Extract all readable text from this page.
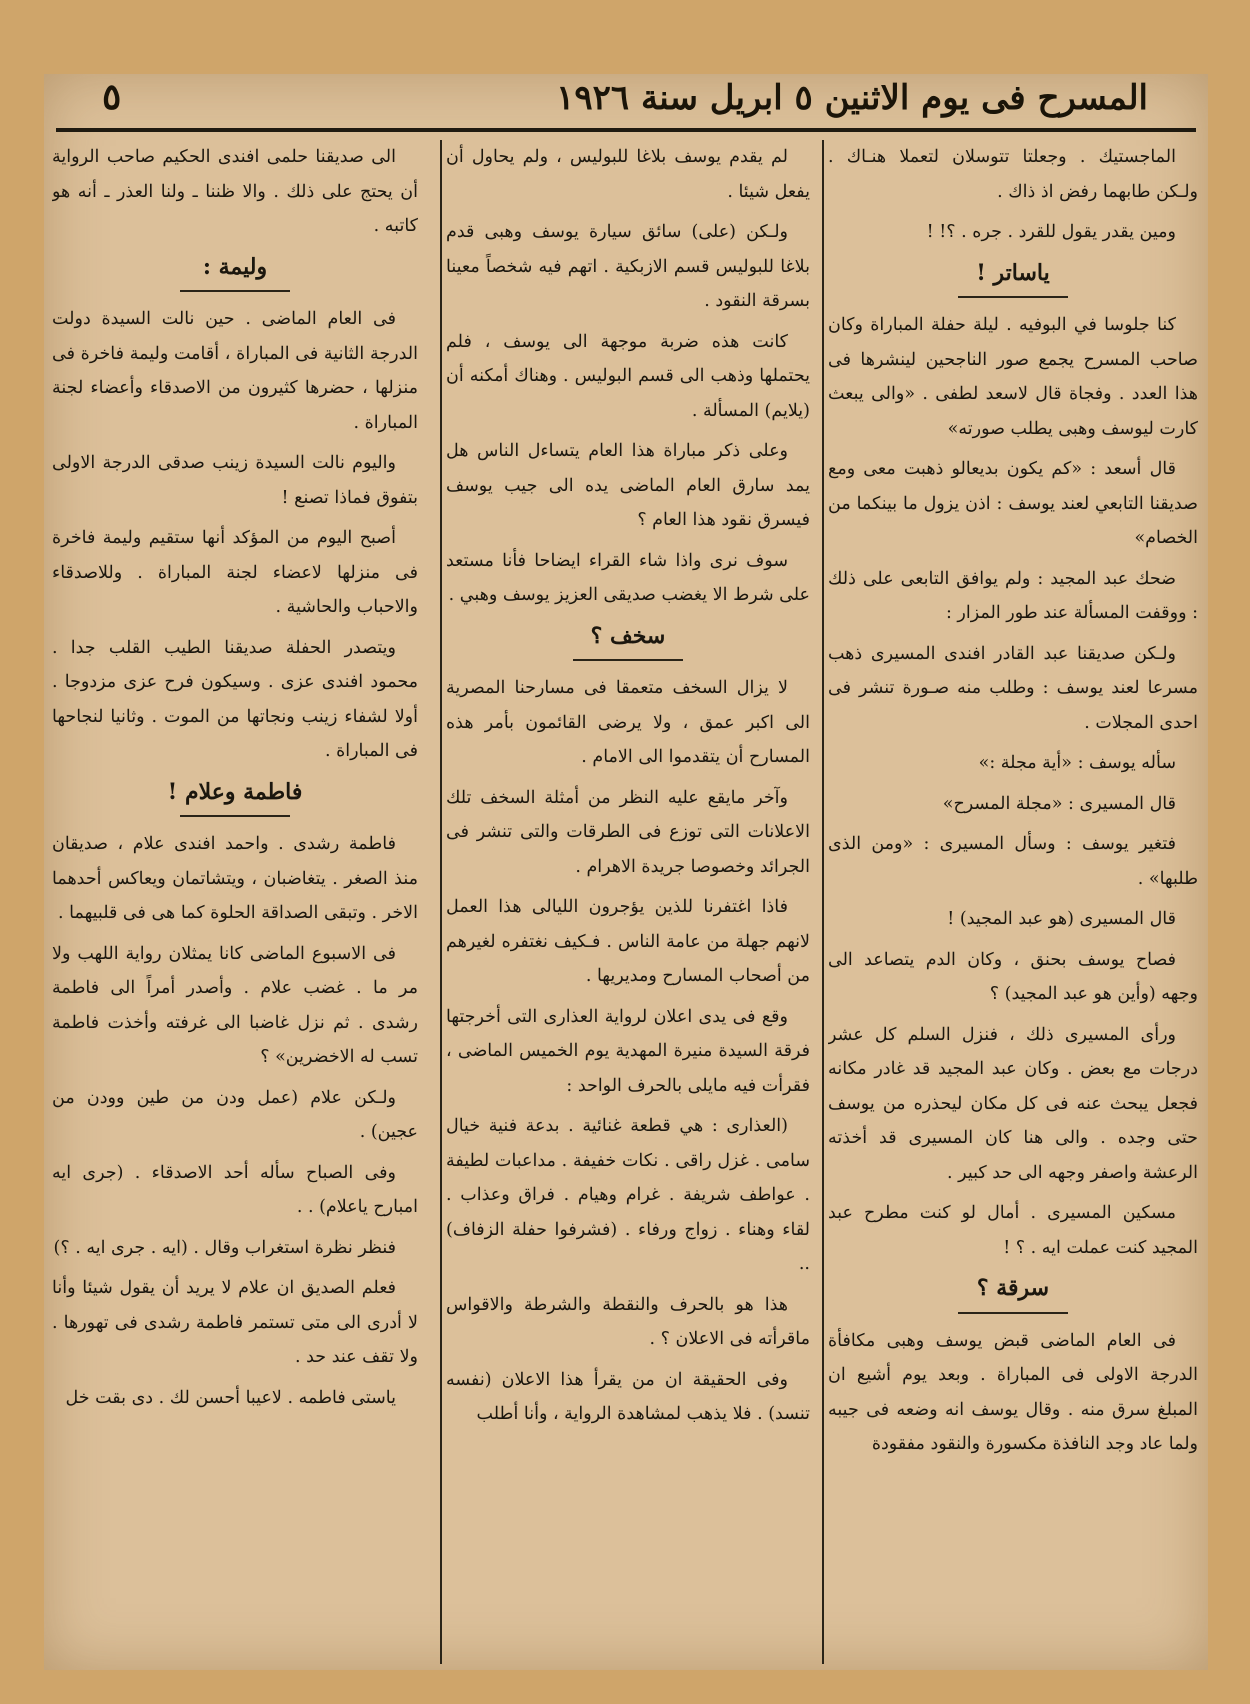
المسرح فى يوم الاثنين ٥ ابريل سنة ١٩٢٦
٥

الماجستيك . وجعلتا تتوسلان لتعملا هنـاك . ولـكن طابهما رفض اذ ذاك .

ومين يقدر يقول للقرد . جره . ؟! !

ياساتر !

كنا جلوسا في البوفيه . ليلة حفلة المباراة وكان صاحب المسرح يجمع صور الناجحين لينشرها فى هذا العدد . وفجاة قال لاسعد لطفى . «والى يبعث كارت ليوسف وهبى يطلب صورته»

قال أسعد : «كم يكون بديعالو ذهبت معى ومع صديقنا التابعي لعند يوسف : اذن يزول ما بينكما من الخصام»

ضحك عبد المجيد : ولم يوافق التابعى على ذلك : ووقفت المسألة عند طور المزار :

ولـكن صديقنا عبد القادر افندى المسيرى ذهب مسرعا لعند يوسف : وطلب منه صـورة تنشر فى احدى المجلات .

سأله يوسف : «أية مجلة :»

قال المسيرى : «مجلة المسرح»

فتغير يوسف : وسأل المسيرى : «ومن الذى طلبها» .

قال المسيرى (هو عبد المجيد) !

فصاح يوسف بحنق ، وكان الدم يتصاعد الى وجهه (وأين هو عبد المجيد) ؟

ورأى المسيرى ذلك ، فنزل السلم كل عشر درجات مع بعض . وكان عبد المجيد قد غادر مكانه فجعل يبحث عنه فى كل مكان ليحذره من يوسف حتى وجده . والى هنا كان المسيرى قد أخذته الرعشة واصفر وجهه الى حد كبير .

مسكين المسيرى . أمال لو كنت مطرح عبد المجيد كنت عملت ايه . ؟ !

سرقة ؟

فى العام الماضى قبض يوسف وهبى مكافأة الدرجة الاولى فى المباراة . وبعد يوم أشيع ان المبلغ سرق منه . وقال يوسف انه وضعه فى جيبه ولما عاد وجد النافذة مكسورة والنقود مفقودة

لم يقدم يوسف بلاغا للبوليس ، ولم يحاول أن يفعل شيئا .

ولـكن (على) سائق سيارة يوسف وهبى قدم بلاغا للبوليس قسم الازبكية . اتهم فيه شخصاً معينا بسرقة النقود .

كانت هذه ضربة موجهة الى يوسف ، فلم يحتملها وذهب الى قسم البوليس . وهناك أمكنه أن (يلايم) المسألة .

وعلى ذكر مباراة هذا العام يتساءل الناس هل يمد سارق العام الماضى يده الى جيب يوسف فيسرق نقود هذا العام ؟

سوف نرى واذا شاء القراء ايضاحا فأنا مستعد على شرط الا يغضب صديقى العزيز يوسف وهبي .

سخف ؟

لا يزال السخف متعمقا فى مسارحنا المصرية الى اكبر عمق ، ولا يرضى القائمون بأمر هذه المسارح أن يتقدموا الى الامام .

وآخر مايقع عليه النظر من أمثلة السخف تلك الاعلانات التى توزع فى الطرقات والتى تنشر فى الجرائد وخصوصا جريدة الاهرام .

فاذا اغتفرنا للذين يؤجرون الليالى هذا العمل لانهم جهلة من عامة الناس . فـكيف نغتفره لغيرهم من أصحاب المسارح ومديريها .

وقع فى يدى اعلان لرواية العذارى التى أخرجتها فرقة السيدة منيرة المهدية يوم الخميس الماضى ، فقرأت فيه مايلى بالحرف الواحد :

(العذارى : هي قطعة غنائية . بدعة فنية خيال سامى . غزل راقى . نكات خفيفة . مداعبات لطيفة . عواطف شريفة . غرام وهيام . فراق وعذاب . لقاء وهناء . زواج ورفاء . (فشرفوا حفلة الزفاف) ..

هذا هو بالحرف والنقطة والشرطة والاقواس ماقرأته فى الاعلان ؟ .

وفى الحقيقة ان من يقرأ هذا الاعلان (نفسه تنسد) . فلا يذهب لمشاهدة الرواية ، وأنا أطلب

الى صديقنا حلمى افندى الحكيم صاحب الرواية أن يحتج على ذلك . والا ظننا ـ ولنا العذر ـ أنه هو كاتبه .

وليمة :

فى العام الماضى . حين نالت السيدة دولت الدرجة الثانية فى المباراة ، أقامت وليمة فاخرة فى منزلها ، حضرها كثيرون من الاصدقاء وأعضاء لجنة المباراة .

واليوم نالت السيدة زينب صدقى الدرجة الاولى بتفوق فماذا تصنع !

أصبح اليوم من المؤكد أنها ستقيم وليمة فاخرة فى منزلها لاعضاء لجنة المباراة . وللاصدقاء والاحباب والحاشية .

ويتصدر الحفلة صديقنا الطيب القلب جدا . محمود افندى عزى . وسيكون فرح عزى مزدوجا . أولا لشفاء زينب ونجاتها من الموت . وثانيا لنجاحها فى المباراة .

فاطمة وعلام !

فاطمة رشدى . واحمد افندى علام ، صديقان منذ الصغر . يتغاضبان ، ويتشاتمان ويعاكس أحدهما الاخر . وتبقى الصداقة الحلوة كما هى فى قلبيهما .

فى الاسبوع الماضى كانا يمثلان رواية اللهب ولا مر ما . غضب علام . وأصدر أمراً الى فاطمة رشدى . ثم نزل غاضبا الى غرفته وأخذت فاطمة تسب له الاخضرين» ؟

ولـكن علام (عمل ودن من طين وودن من عجين) .

وفى الصباح سأله أحد الاصدقاء . (جرى ايه امبارح ياعلام) . .

فنظر نظرة استغراب وقال . (ايه . جرى ايه . ؟)

فعلم الصديق ان علام لا يريد أن يقول شيئا وأنا لا أدرى الى متى تستمر فاطمة رشدى فى تهورها . ولا تقف عند حد .

ياستى فاطمه . لاعيبا أحسن لك . دى بقت خل
